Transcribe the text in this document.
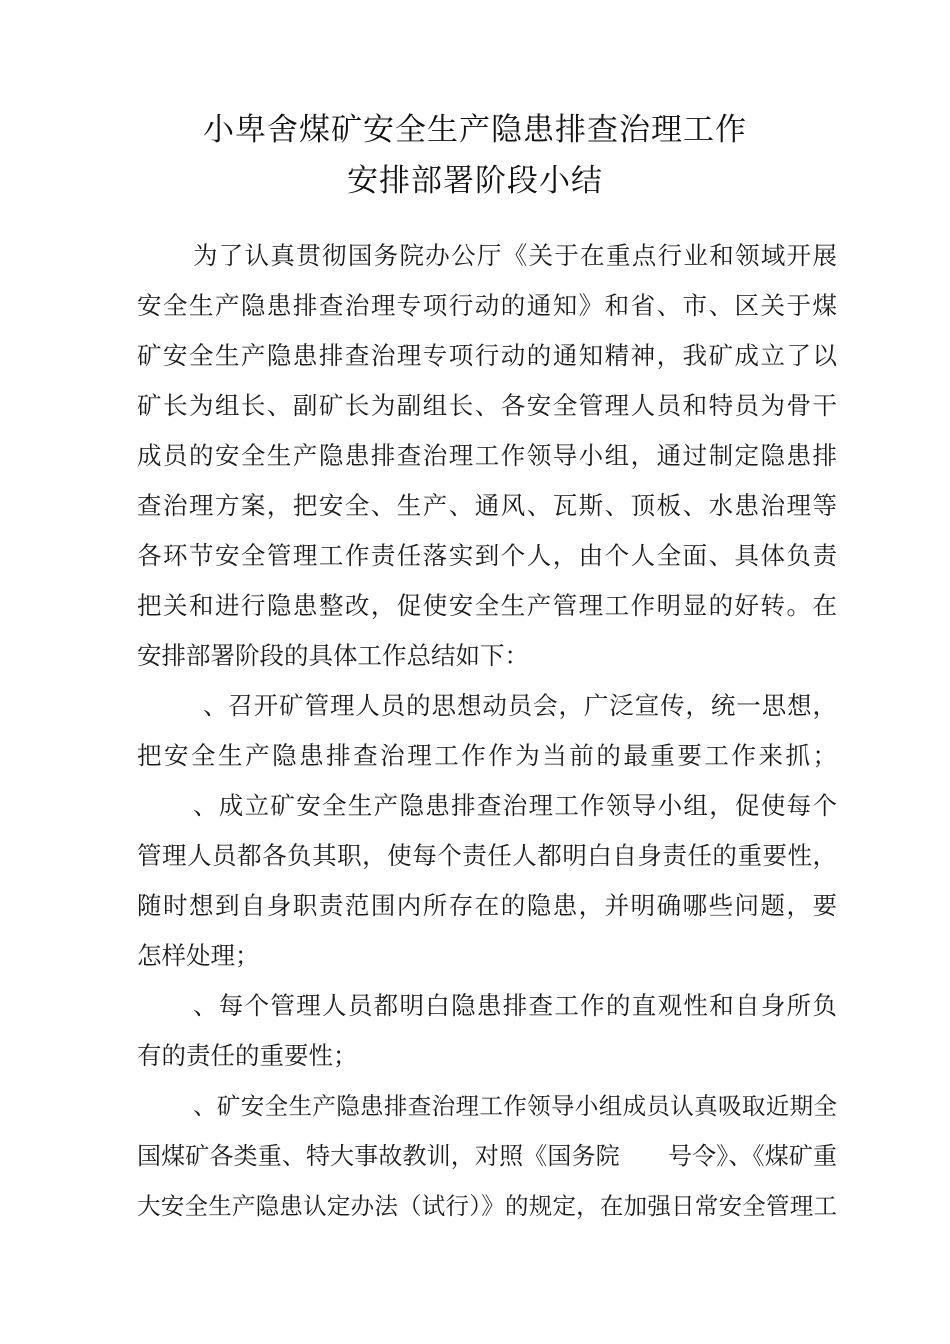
小卑舍煤矿安全生产隐患排查治理工作
安排部署阶段小结
为了认真贯彻国务院办公厅《关于在重点行业和领域开展
安全生产隐患排查治理专项行动的通知》和省、市、区关于煤
矿安全生产隐患排查治理专项行动的通知精神，我矿成立了以
矿长为组长、副矿长为副组长、各安全管理人员和特员为骨干
成员的安全生产隐患排查治理工作领导小组，通过制定隐患排
查治理方案，把安全、生产、通风、瓦斯、顶板、水患治理等
各环节安全管理工作责任落实到个人，由个人全面、具体负责
把关和进行隐患整改，促使安全生产管理工作明显的好转。在
安排部署阶段的具体工作总结如下：
、召开矿管理人员的思想动员会，广泛宣传，统一思想，
把安全生产隐患排查治理工作作为当前的最重要工作来抓；
、成立矿安全生产隐患排查治理工作领导小组，促使每个
管理人员都各负其职，使每个责任人都明白自身责任的重要性，
随时想到自身职责范围内所存在的隐患，并明确哪些问题，要
怎样处理；
、每个管理人员都明白隐患排查工作的直观性和自身所负
有的责任的重要性；
、矿安全生产隐患排查治理工作领导小组成员认真吸取近期全
国煤矿各类重、特大事故教训，对照《国务院　　号令》、《煤矿重
大安全生产隐患认定办法（试行）》的规定，在加强日常安全管理工
